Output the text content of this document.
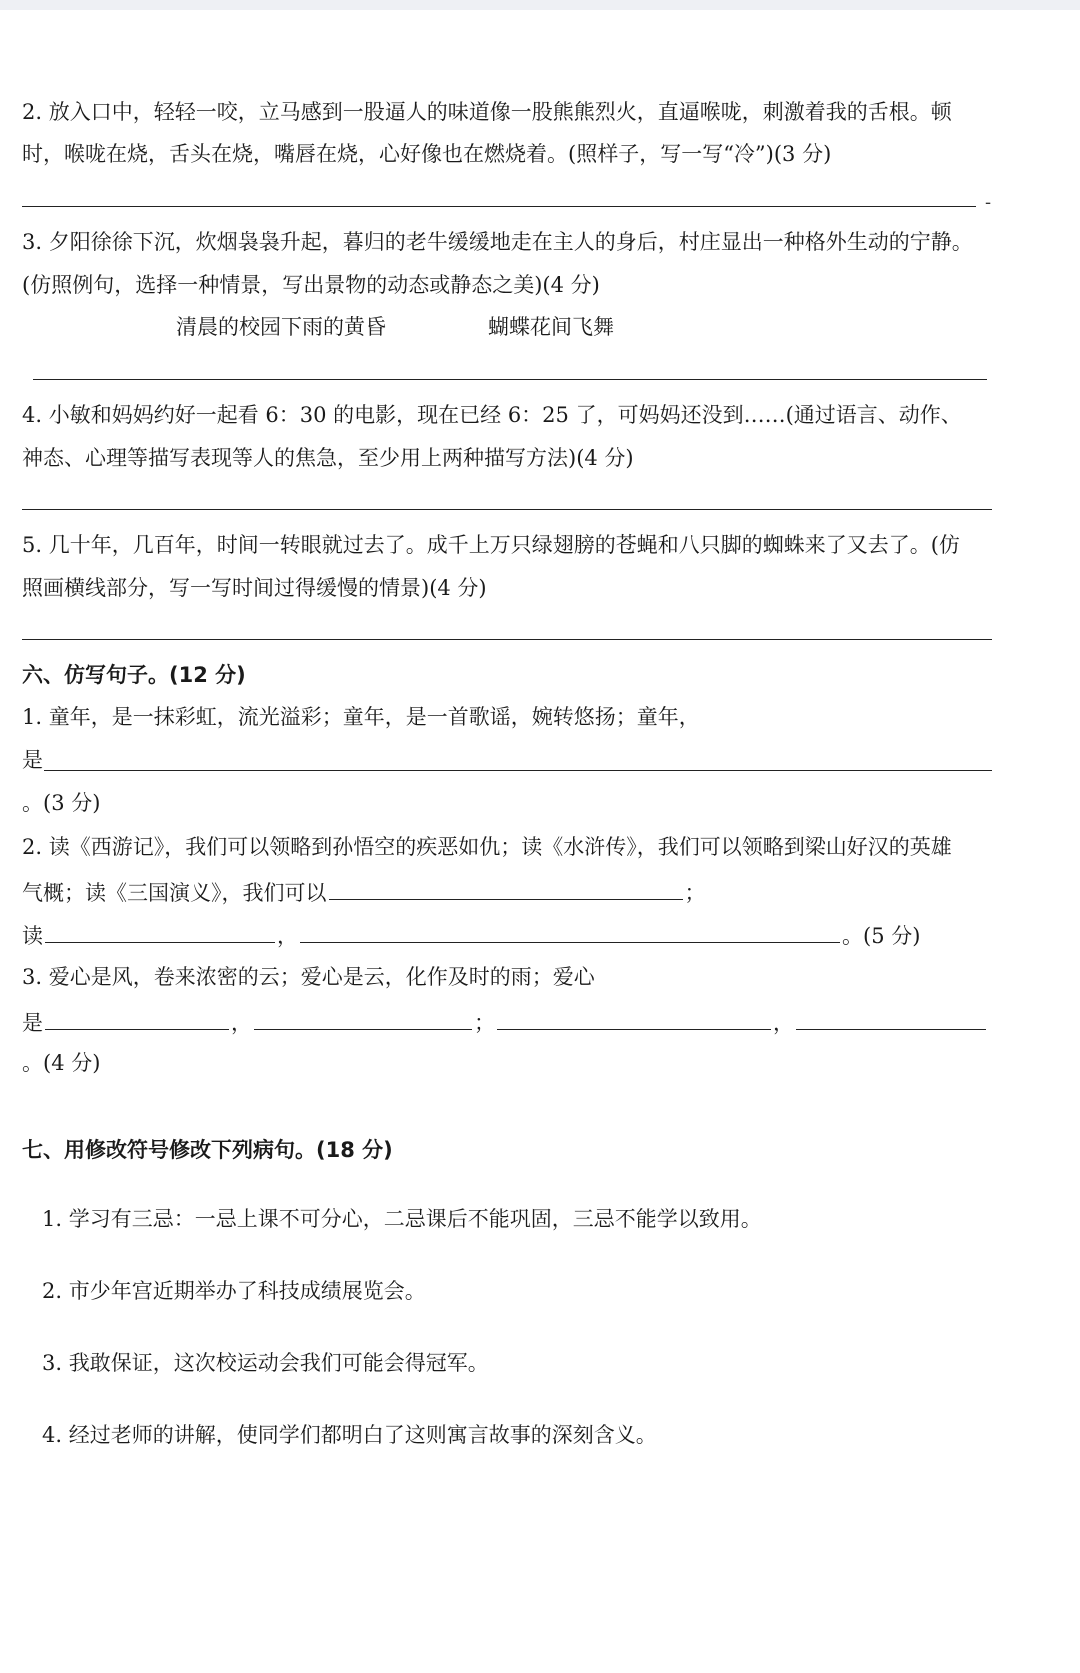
2. 放入口中，轻轻一咬，立马感到一股逼人的味道像一股熊熊烈火，直逼喉咙，刺激着我的舌根。顿
时，喉咙在烧，舌头在烧，嘴唇在烧，心好像也在燃烧着。(照样子，写一写“冷”)(3 分)
-
3. 夕阳徐徐下沉，炊烟袅袅升起，暮归的老牛缓缓地走在主人的身后，村庄显出一种格外生动的宁静。
(仿照例句，选择一种情景，写出景物的动态或静态之美)(4 分)
清晨的校园下雨的黄昏	蝴蝶花间飞舞
4. 小敏和妈妈约好一起看 6：30 的电影，现在已经 6：25 了，可妈妈还没到……(通过语言、动作、
神态、心理等描写表现等人的焦急，至少用上两种描写方法)(4 分)
5. 几十年，几百年，时间一转眼就过去了。成千上万只绿翅膀的苍蝇和八只脚的蜘蛛来了又去了。(仿
照画横线部分，写一写时间过得缓慢的情景)(4 分)
六、仿写句子。(12 分)
1. 童年，是一抹彩虹，流光溢彩；童年，是一首歌谣，婉转悠扬；童年，
是
。(3 分)
2. 读《西游记》，我们可以领略到孙悟空的疾恶如仇；读《水浒传》，我们可以领略到梁山好汉的英雄
气概；读《三国演义》，我们可以	；
读	，	。(5 分)
3. 爱心是风，卷来浓密的云；爱心是云，化作及时的雨；爱心
是	，	；	，
。(4 分)
七、用修改符号修改下列病句。(18 分)
1. 学习有三忌：一忌上课不可分心，二忌课后不能巩固，三忌不能学以致用。
2. 市少年宫近期举办了科技成绩展览会。
3. 我敢保证，这次校运动会我们可能会得冠军。
4. 经过老师的讲解，使同学们都明白了这则寓言故事的深刻含义。
